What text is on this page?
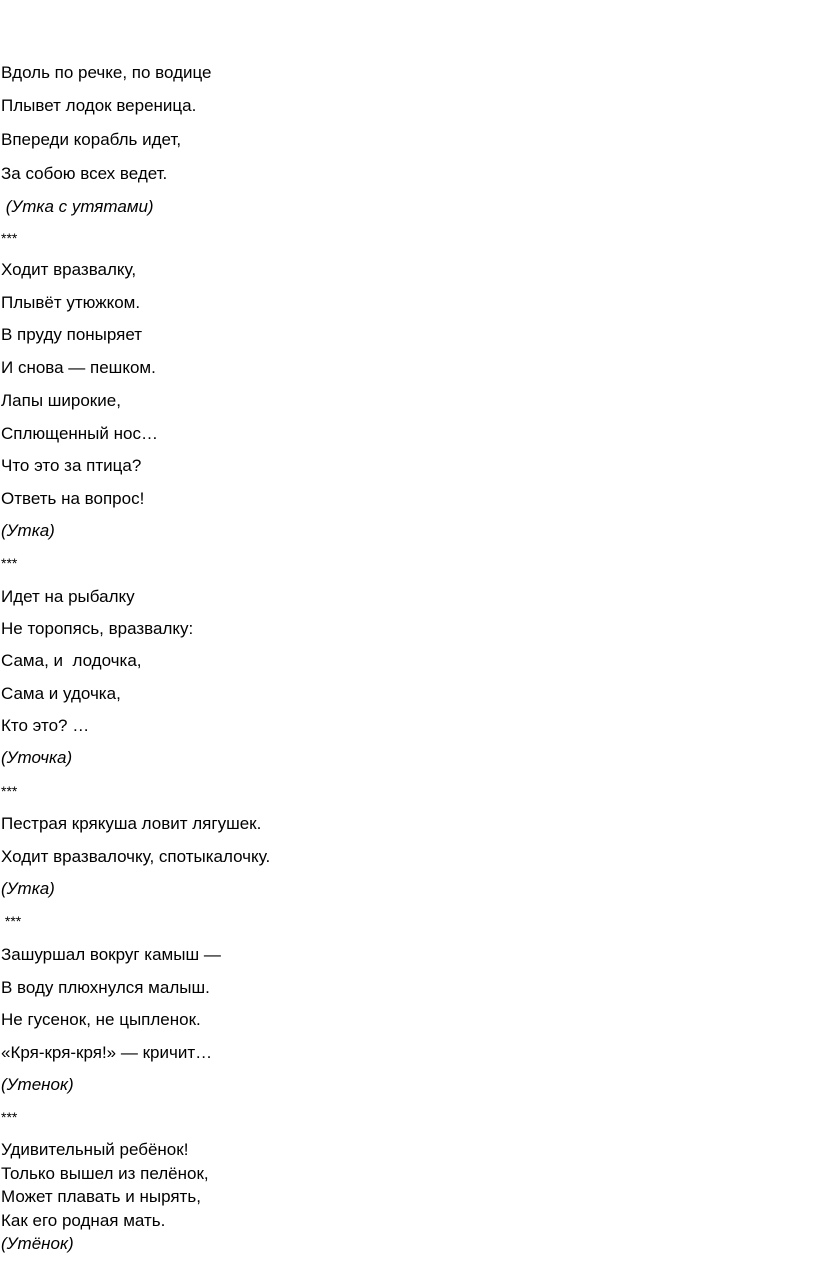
Вдоль по речке, по водице
Плывет лодок вереница.
Впереди корабль идет,
За собою всех ведет.
(Утка с утятами)
***
Ходит вразвалку,
Плывёт утюжком.
В пруду поныряет
И снова — пешком.
Лапы широкие,
Сплющенный нос…
Что это за птица?
Ответь на вопрос!
(Утка)
***
Идет на рыбалку
Не торопясь, вразвалку:
Сама, и  лодочка,
Сама и удочка,
Кто это? …
(Уточка)
***
Пестрая крякуша ловит лягушек.
Ходит вразвалочку, спотыкалочку.
(Утка)
***
Зашуршал вокруг камыш —
В воду плюхнулся малыш.
Не гусенок, не цыпленок.
«Кря-кря-кря!» — кричит…
(Утенок)
***
Удивительный ребёнок!
Только вышел из пелёнок,
Может плавать и нырять,
Как его родная мать.
(Утёнок)
